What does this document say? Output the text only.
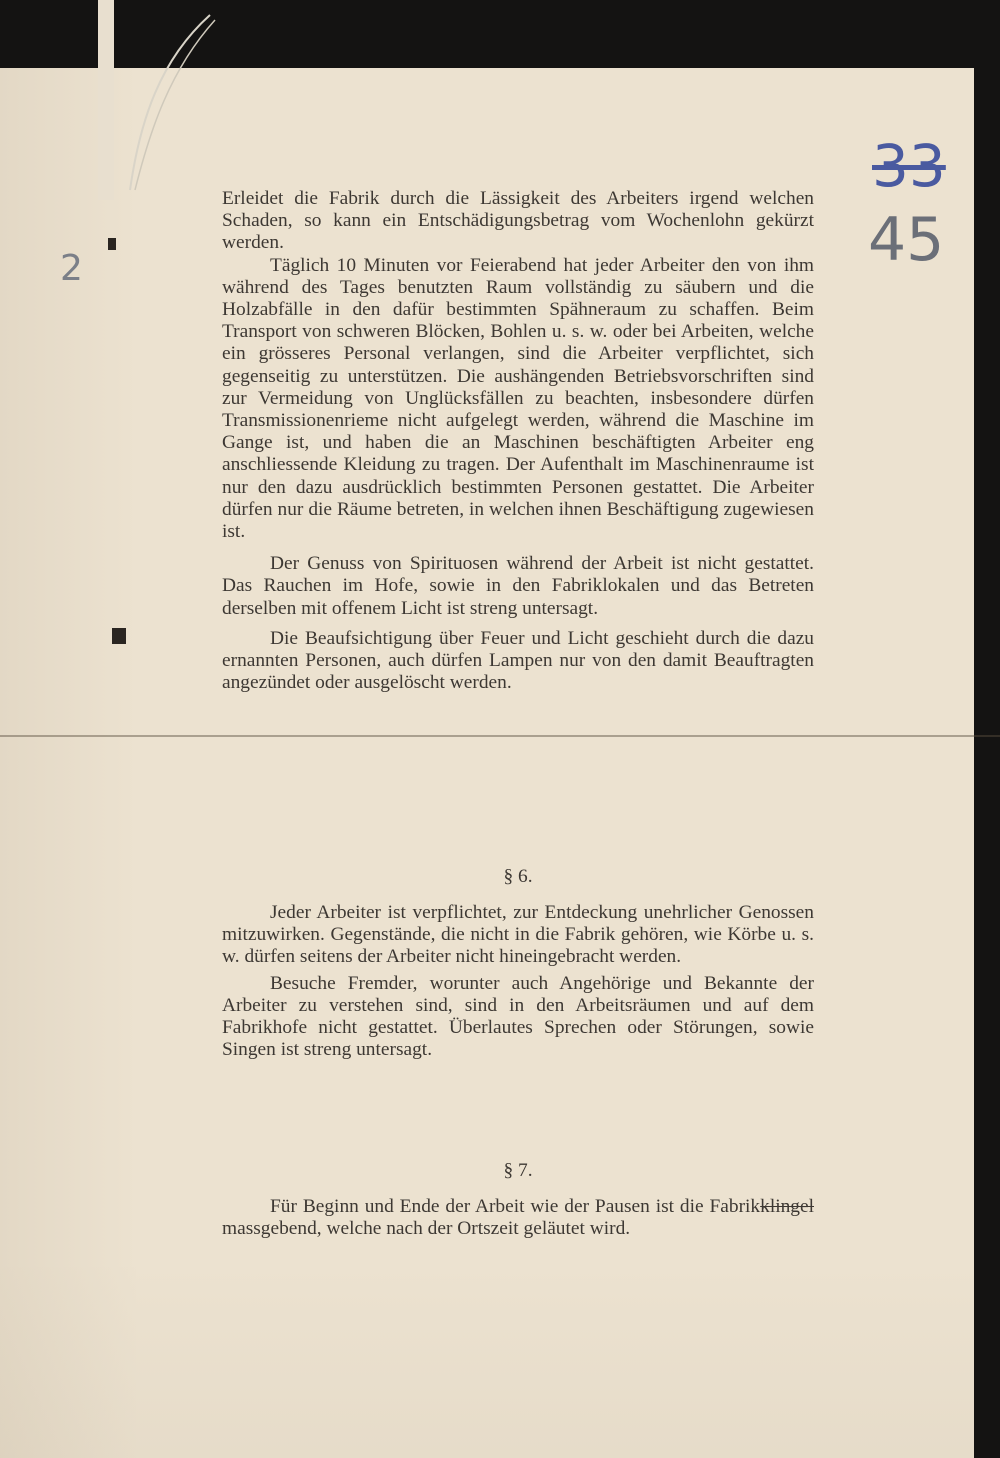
33
45
2

Erleidet die Fabrik durch die Lässigkeit des Arbeiters irgend welchen Schaden, so kann ein Entschädigungsbetrag vom Wochenlohn gekürzt werden.

Täglich 10 Minuten vor Feierabend hat jeder Arbeiter den von ihm während des Tages benutzten Raum vollständig zu säubern und die Holzabfälle in den dafür bestimmten Spähneraum zu schaffen. Beim Transport von schweren Blöcken, Bohlen u. s. w. oder bei Arbeiten, welche ein grösseres Personal verlangen, sind die Arbeiter verpflichtet, sich gegenseitig zu unterstützen. Die aushängenden Betriebsvorschriften sind zur Vermeidung von Unglücksfällen zu beachten, insbesondere dürfen Transmissionenrieme nicht aufgelegt werden, während die Maschine im Gange ist, und haben die an Maschinen beschäftigten Arbeiter eng anschliessende Kleidung zu tragen. Der Aufenthalt im Maschinenraume ist nur den dazu ausdrücklich bestimmten Personen gestattet. Die Arbeiter dürfen nur die Räume betreten, in welchen ihnen Beschäftigung zugewiesen ist.

Der Genuss von Spirituosen während der Arbeit ist nicht gestattet. Das Rauchen im Hofe, sowie in den Fabriklokalen und das Betreten derselben mit offenem Licht ist streng untersagt.

Die Beaufsichtigung über Feuer und Licht geschieht durch die dazu ernannten Personen, auch dürfen Lampen nur von den damit Beauftragten angezündet oder ausgelöscht werden.

§ 6.

Jeder Arbeiter ist verpflichtet, zur Entdeckung unehrlicher Genossen mitzuwirken. Gegenstände, die nicht in die Fabrik gehören, wie Körbe u. s. w. dürfen seitens der Arbeiter nicht hineingebracht werden.

Besuche Fremder, worunter auch Angehörige und Bekannte der Arbeiter zu verstehen sind, sind in den Arbeitsräumen und auf dem Fabrikhofe nicht gestattet. Überlautes Sprechen oder Störungen, sowie Singen ist streng untersagt.

§ 7.

Für Beginn und Ende der Arbeit wie der Pausen ist die Fabrikklingel massgebend, welche nach der Ortszeit geläutet wird.
